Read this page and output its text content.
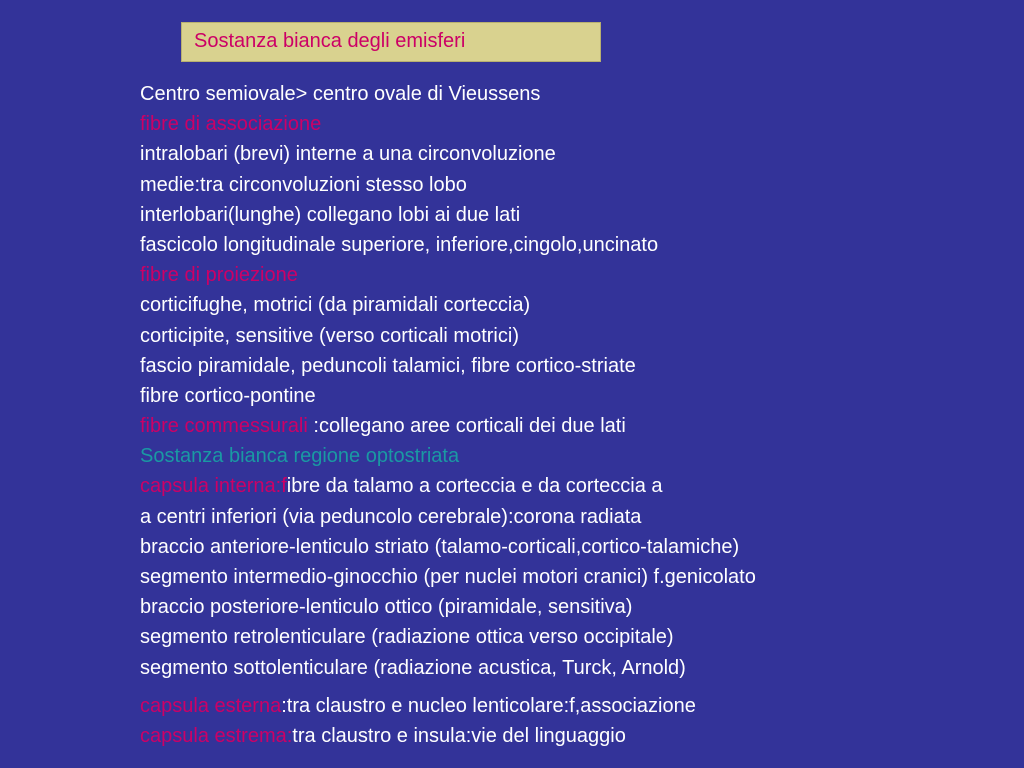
Sostanza bianca degli emisferi
Centro semiovale> centro ovale di Vieussens
fibre di associazione
intralobari (brevi) interne a una circonvoluzione
medie:tra circonvoluzioni stesso lobo
interlobari(lunghe) collegano lobi ai due lati
fascicolo longitudinale superiore, inferiore,cingolo,uncinato
fibre di proiezione
corticifughe, motrici (da piramidali corteccia)
corticipite, sensitive (verso corticali motrici)
fascio piramidale, peduncoli talamici, fibre cortico-striate
fibre cortico-pontine
fibre commessurali :collegano aree corticali dei due lati
Sostanza bianca regione optostriata
capsula interna:fibre da talamo a corteccia e da corteccia a
a centri inferiori (via peduncolo cerebrale):corona radiata
braccio anteriore-lenticulo striato (talamo-corticali,cortico-talamiche)
segmento intermedio-ginocchio (per nuclei motori cranici) f.genicolato
braccio posteriore-lenticulo ottico (piramidale, sensitiva)
segmento retrolenticulare (radiazione ottica verso occipitale)
segmento sottolenticulare (radiazione acustica, Turck, Arnold)
capsula esterna:tra claustro e nucleo lenticolare:f,associazione
capsula estrema:tra claustro e insula:vie del linguaggio
